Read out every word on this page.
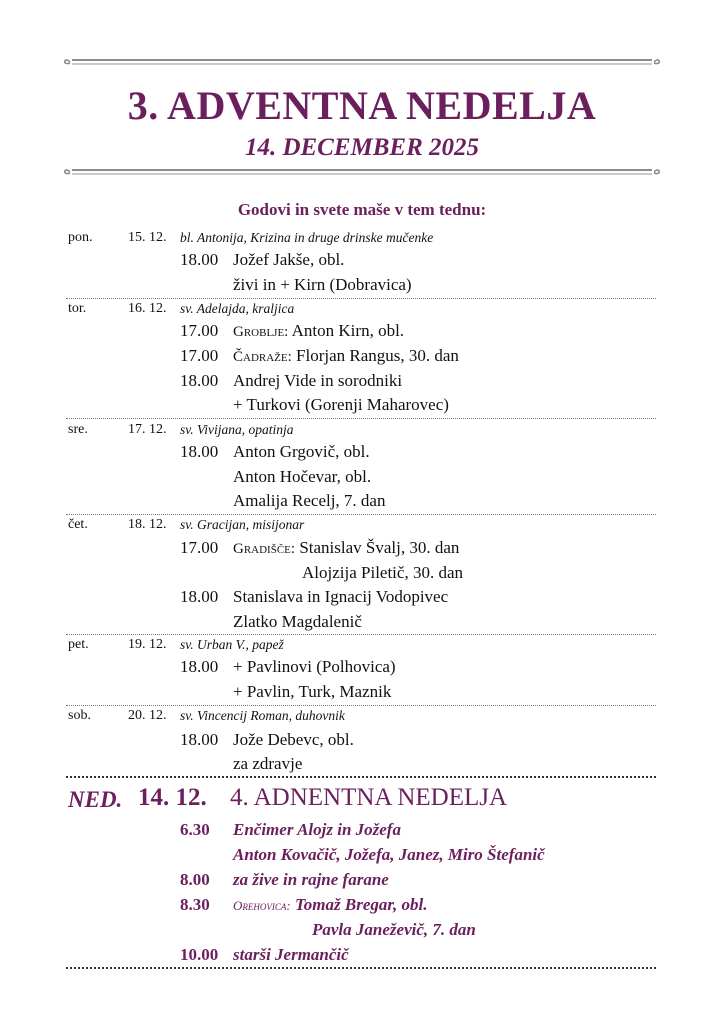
3. ADVENTNA NEDELJA
14. DECEMBER 2025
Godovi in svete maše v tem tednu:
pon.	15. 12. bl. Antonija, Krizina in druge drinske mučenke
18.00 Jožef Jakše, obl.
živi in + Kirn (Dobravica)
tor.	16. 12. sv. Adelajda, kraljica
17.00 Groblje: Anton Kirn, obl.
17.00 Čadraže: Florjan Rangus, 30. dan
18.00 Andrej Vide in sorodniki
+ Turkovi (Gorenji Maharovec)
sre.	17. 12. sv. Vivijana, opatinja
18.00 Anton Grgovič, obl.
Anton Hočevar, obl.
Amalija Recelj, 7. dan
čet.	18. 12. sv. Gracijan, misijonar
17.00 Gradišče: Stanislav Švalj, 30. dan
Alojzija Piletič, 30. dan
18.00 Stanislava in Ignacij Vodopivec
Zlatko Magdalenič
pet.	19. 12. sv. Urban V., papež
18.00 + Pavlinovi (Polhovica)
+ Pavlin, Turk, Maznik
sob.	20. 12. sv. Vincencij Roman, duhovnik
18.00 Jože Debevc, obl.
za zdravje
NED. 14. 12. 4. ADNENTNA NEDELJA
6.30 Enčimer Alojz in Jožefa
Anton Kovačič, Jožefa, Janez, Miro Štefanič
8.00 za žive in rajne farane
8.30 Orehovica: Tomaž Bregar, obl.
Pavla Janeževič, 7. dan
10.00 starši Jermančič
